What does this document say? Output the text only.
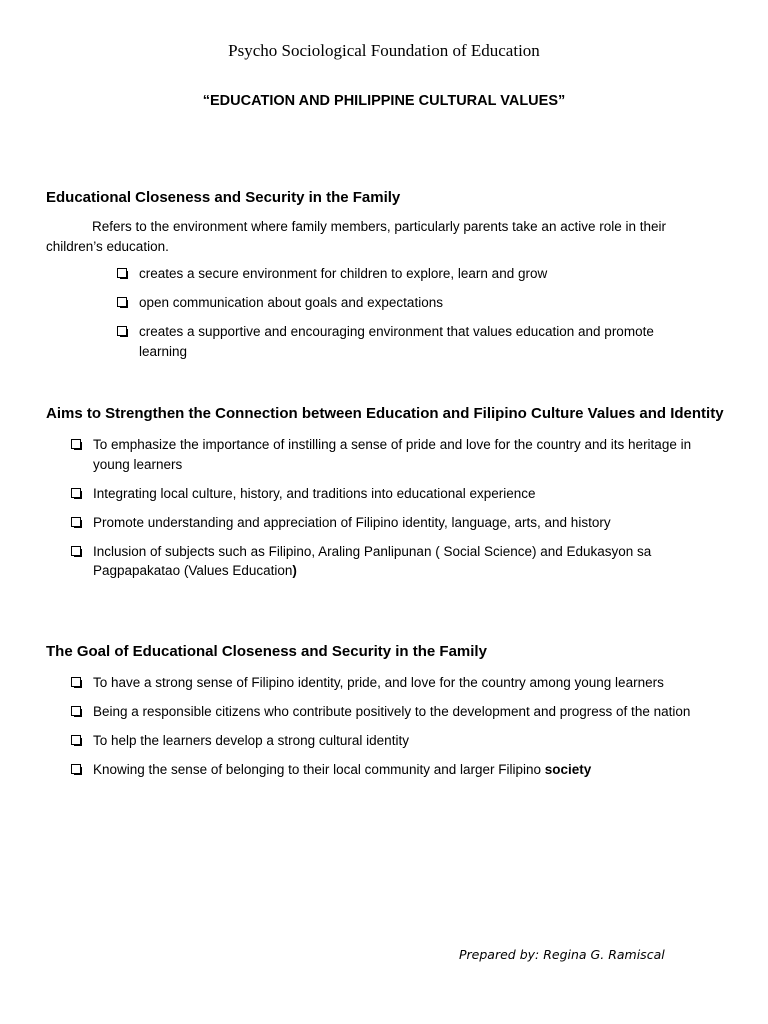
Psycho Sociological Foundation of Education
“EDUCATION AND PHILIPPINE CULTURAL VALUES”

Educational Closeness and Security in the Family

Refers to the environment where family members, particularly parents take an active role in their children’s education.

creates a secure environment for children to explore, learn and grow
open communication about goals and expectations
creates a supportive and encouraging environment that values education and promote learning

Aims to Strengthen the Connection between Education and Filipino Culture Values and Identity

To emphasize the importance of instilling a sense of pride and love for the country and its heritage in young learners
Integrating local culture, history, and traditions into educational experience
Promote understanding and appreciation of Filipino identity, language, arts, and history
Inclusion of subjects such as Filipino, Araling Panlipunan ( Social Science) and Edukasyon sa Pagpapakatao (Values Education)

The Goal of Educational Closeness and Security in the Family

To have a strong sense of Filipino identity, pride, and love for the country among young learners
Being a responsible citizens who contribute positively to the development and progress of the nation
To help the learners develop a strong cultural identity
Knowing the sense of belonging to their local community and larger Filipino society
Prepared by: Regina G. Ramiscal
